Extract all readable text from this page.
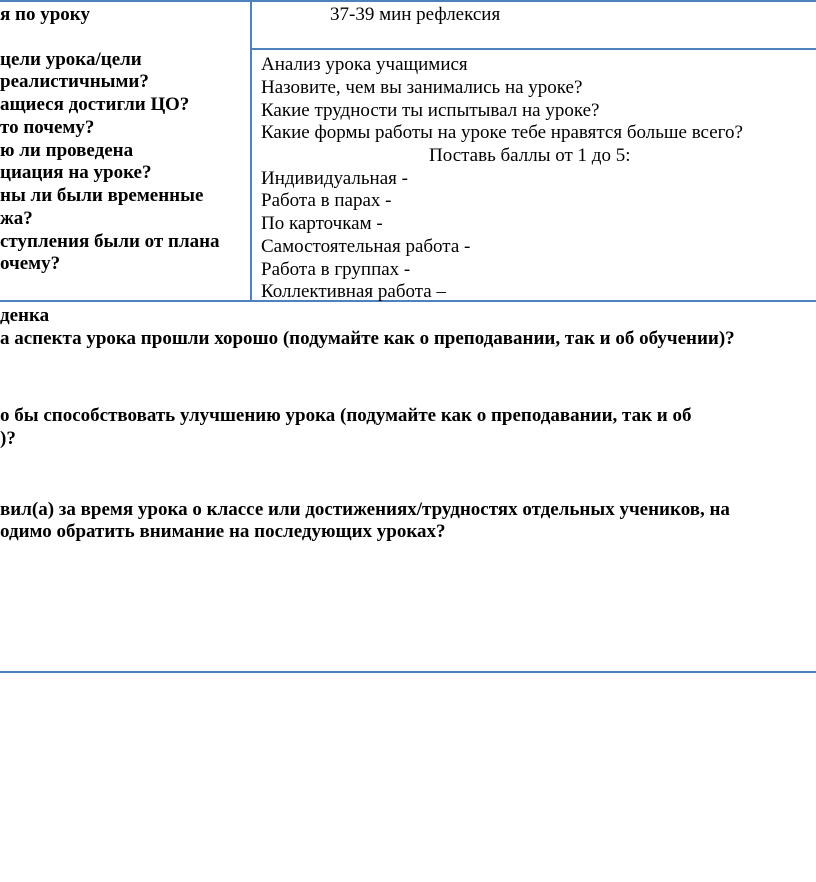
я по уроку	37-39 мин рефлексия
цели урока/цели
реалистичными?
ащиеся достигли ЦО?
то почему?
ю ли проведена
циация на уроке?
ны ли были временные
жа?
ступления были от плана
очему?
Анализ урока учащимися
Назовите, чем вы занимались на уроке?
Какие трудности ты испытывал на уроке?
Какие формы работы на уроке тебе нравятся больше всего?
Поставь баллы от 1 до 5:
Индивидуальная -
Работа в парах -
По карточкам -
Самостоятельная работа -
Работа в группах -
Коллективная работа –
денка
а аспекта урока прошли хорошо (подумайте как о преподавании, так и об обучении)?
о бы способствовать улучшению урока (подумайте как о преподавании, так и об
)?
вил(а) за время урока о классе или достижениях/трудностях отдельных учеников, на
одимо обратить внимание на последующих уроках?
